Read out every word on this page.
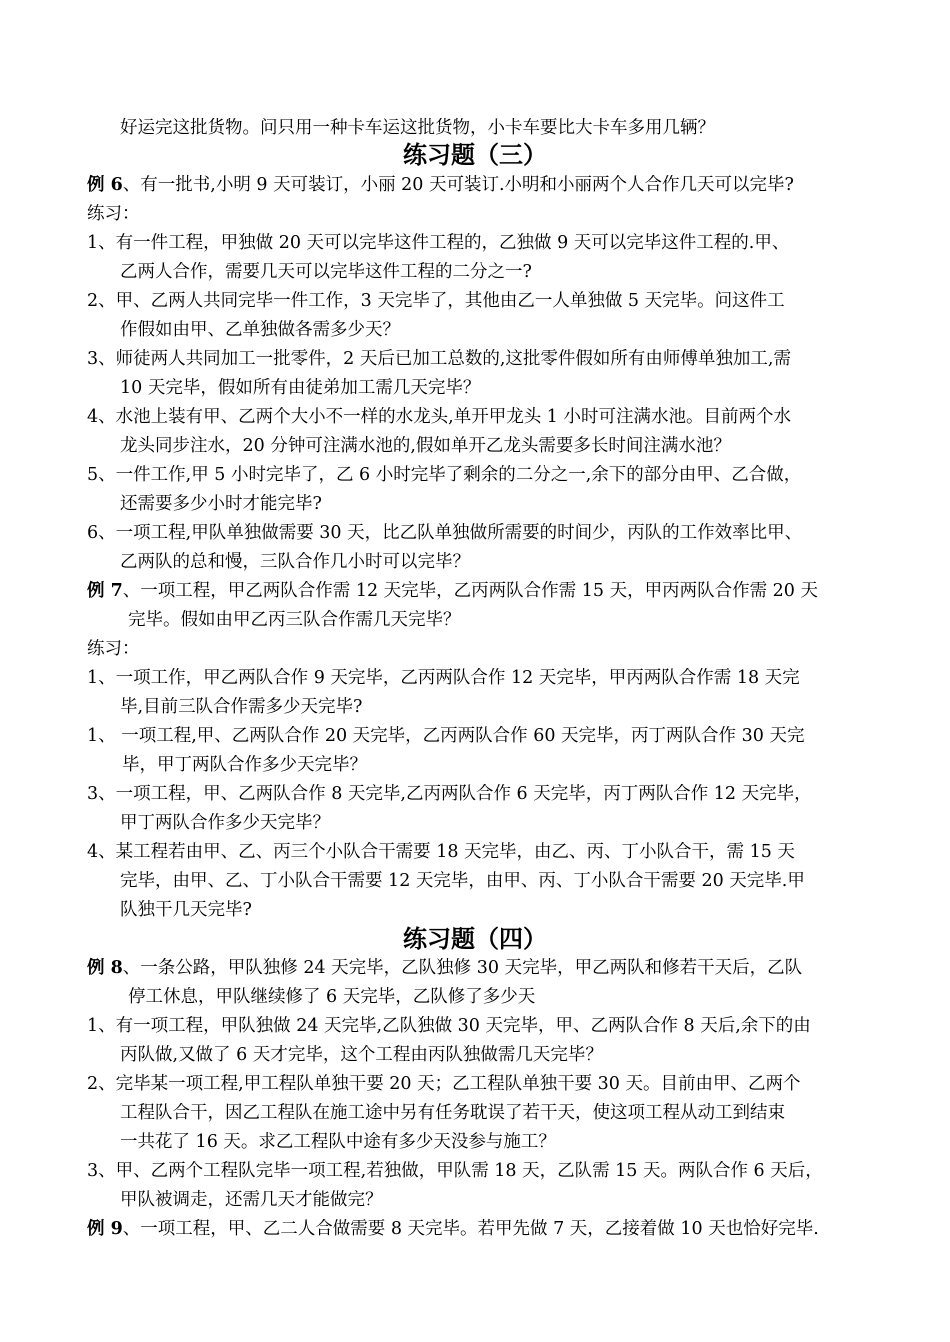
好运完这批货物。问只用一种卡车运这批货物，小卡车要比大卡车多用几辆？
练习题（三）
例 6、有一批书,小明 9 天可装订，小丽 20 天可装订.小明和小丽两个人合作几天可以完毕?
练习：
1、有一件工程，甲独做 20 天可以完毕这件工程的，乙独做 9 天可以完毕这件工程的.甲、
乙两人合作，需要几天可以完毕这件工程的二分之一?
2、甲、乙两人共同完毕一件工作，3 天完毕了，其他由乙一人单独做 5 天完毕。问这件工
作假如由甲、乙单独做各需多少天？
3、师徒两人共同加工一批零件，2 天后已加工总数的,这批零件假如所有由师傅单独加工,需
10 天完毕，假如所有由徒弟加工需几天完毕？
4、水池上装有甲、乙两个大小不一样的水龙头,单开甲龙头 1 小时可注满水池。目前两个水
龙头同步注水，20 分钟可注满水池的,假如单开乙龙头需要多长时间注满水池？
5、一件工作,甲 5 小时完毕了，乙 6 小时完毕了剩余的二分之一,余下的部分由甲、乙合做，
还需要多少小时才能完毕?
6、一项工程,甲队单独做需要 30 天，比乙队单独做所需要的时间少，丙队的工作效率比甲、
乙两队的总和慢，三队合作几小时可以完毕？
例 7、一项工程，甲乙两队合作需 12 天完毕，乙丙两队合作需 15 天，甲丙两队合作需 20 天
完毕。假如由甲乙丙三队合作需几天完毕？
练习：
1、一项工作，甲乙两队合作 9 天完毕，乙丙两队合作 12 天完毕，甲丙两队合作需 18 天完
毕,目前三队合作需多少天完毕?
1、 一项工程,甲、乙两队合作 20 天完毕，乙丙两队合作 60 天完毕，丙丁两队合作 30 天完
毕，甲丁两队合作多少天完毕？
3、一项工程，甲、乙两队合作 8 天完毕,乙丙两队合作 6 天完毕，丙丁两队合作 12 天完毕，
甲丁两队合作多少天完毕？
4、某工程若由甲、乙、丙三个小队合干需要 18 天完毕，由乙、丙、丁小队合干，需 15 天
完毕，由甲、乙、丁小队合干需要 12 天完毕，由甲、丙、丁小队合干需要 20 天完毕.甲
队独干几天完毕?
练习题（四）
例 8、一条公路，甲队独修 24 天完毕，乙队独修 30 天完毕，甲乙两队和修若干天后，乙队
停工休息，甲队继续修了 6 天完毕，乙队修了多少天
1、有一项工程，甲队独做 24 天完毕,乙队独做 30 天完毕，甲、乙两队合作 8 天后,余下的由
丙队做,又做了 6 天才完毕，这个工程由丙队独做需几天完毕？
2、完毕某一项工程,甲工程队单独干要 20 天；乙工程队单独干要 30 天。目前由甲、乙两个
工程队合干，因乙工程队在施工途中另有任务耽误了若干天，使这项工程从动工到结束
一共花了 16 天。求乙工程队中途有多少天没参与施工？
3、甲、乙两个工程队完毕一项工程,若独做，甲队需 18 天，乙队需 15 天。两队合作 6 天后，
甲队被调走，还需几天才能做完？
例 9、一项工程，甲、乙二人合做需要 8 天完毕。若甲先做 7 天，乙接着做 10 天也恰好完毕.
